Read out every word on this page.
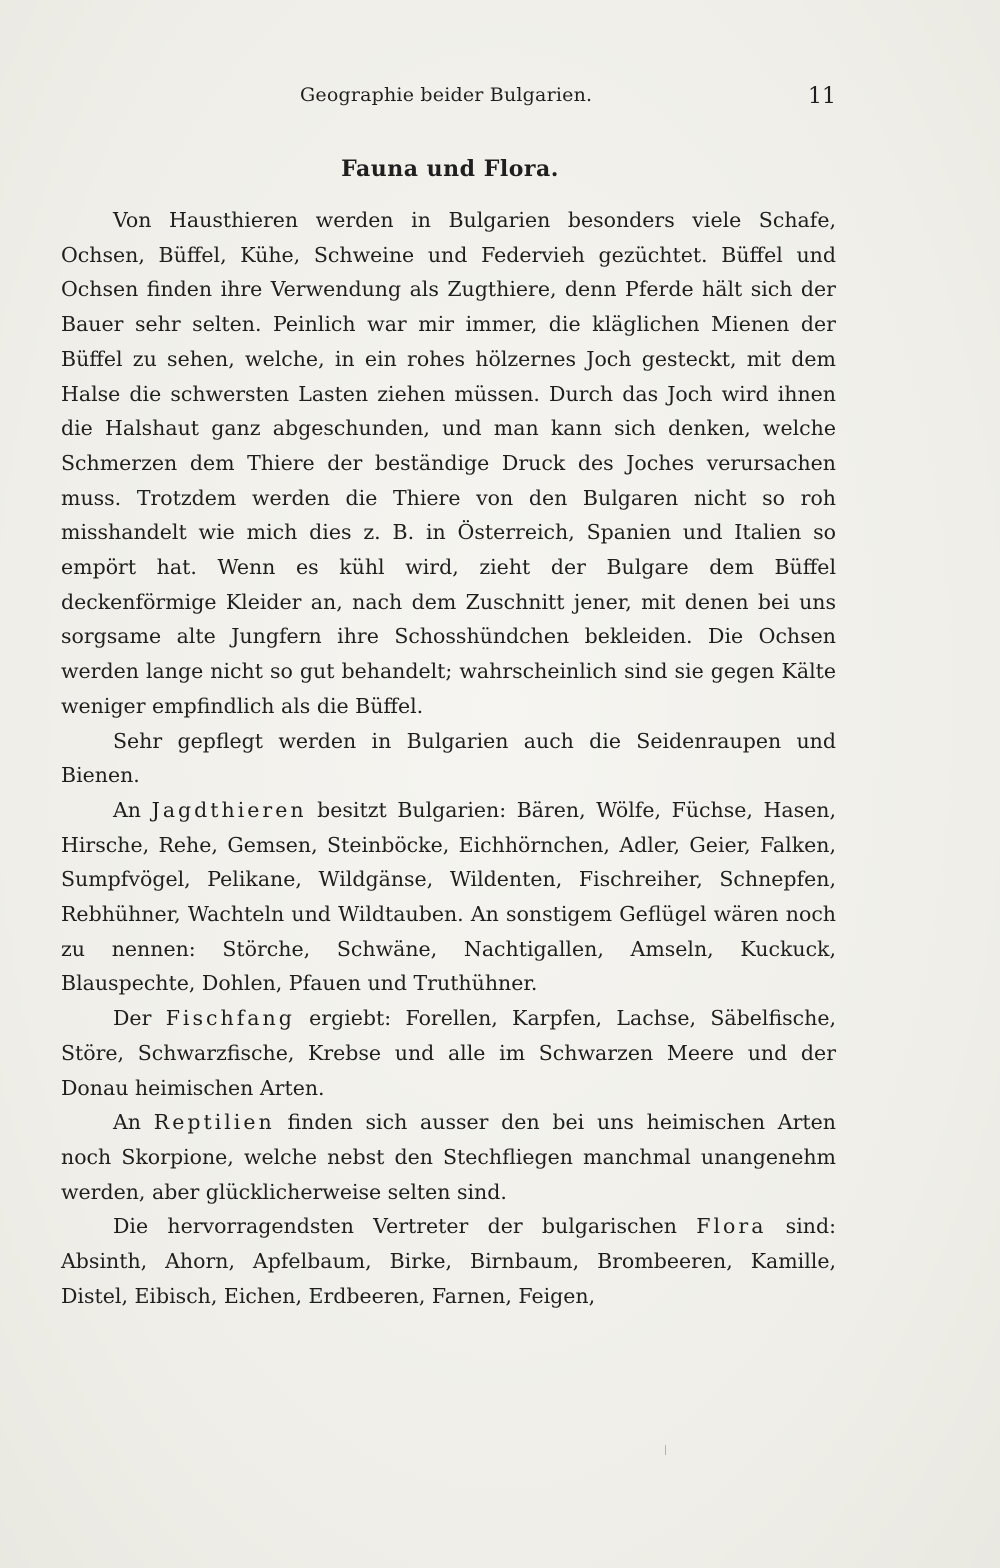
Geographie beider Bulgarien.	11
Fauna und Flora.

Von Hausthieren werden in Bulgarien besonders viele Schafe, Ochsen, Büffel, Kühe, Schweine und Federvieh gezüchtet. Büffel und Ochsen finden ihre Verwendung als Zugthiere, denn Pferde hält sich der Bauer sehr selten. Peinlich war mir immer, die kläglichen Mienen der Büffel zu sehen, welche, in ein rohes hölzernes Joch gesteckt, mit dem Halse die schwersten Lasten ziehen müssen. Durch das Joch wird ihnen die Halshaut ganz abgeschunden, und man kann sich denken, welche Schmerzen dem Thiere der beständige Druck des Joches verursachen muss. Trotzdem werden die Thiere von den Bulgaren nicht so roh misshandelt wie mich dies z. B. in Österreich, Spanien und Italien so empört hat. Wenn es kühl wird, zieht der Bulgare dem Büffel deckenförmige Kleider an, nach dem Zuschnitt jener, mit denen bei uns sorgsame alte Jungfern ihre Schosshündchen bekleiden. Die Ochsen werden lange nicht so gut behandelt; wahrscheinlich sind sie gegen Kälte weniger empfindlich als die Büffel.

Sehr gepflegt werden in Bulgarien auch die Seidenraupen und Bienen.

An Jagdthieren besitzt Bulgarien: Bären, Wölfe, Füchse, Hasen, Hirsche, Rehe, Gemsen, Steinböcke, Eichhörnchen, Adler, Geier, Falken, Sumpfvögel, Pelikane, Wildgänse, Wildenten, Fischreiher, Schnepfen, Rebhühner, Wachteln und Wildtauben. An sonstigem Geflügel wären noch zu nennen: Störche, Schwäne, Nachtigallen, Amseln, Kuckuck, Blauspechte, Dohlen, Pfauen und Truthühner.

Der Fischfang ergiebt: Forellen, Karpfen, Lachse, Säbelfische, Störe, Schwarzfische, Krebse und alle im Schwarzen Meere und der Donau heimischen Arten.

An Reptilien finden sich ausser den bei uns heimischen Arten noch Skorpione, welche nebst den Stechfliegen manchmal unangenehm werden, aber glücklicherweise selten sind.

Die hervorragendsten Vertreter der bulgarischen Flora sind: Absinth, Ahorn, Apfelbaum, Birke, Birnbaum, Brombeeren, Kamille, Distel, Eibisch, Eichen, Erdbeeren, Farnen, Feigen,
